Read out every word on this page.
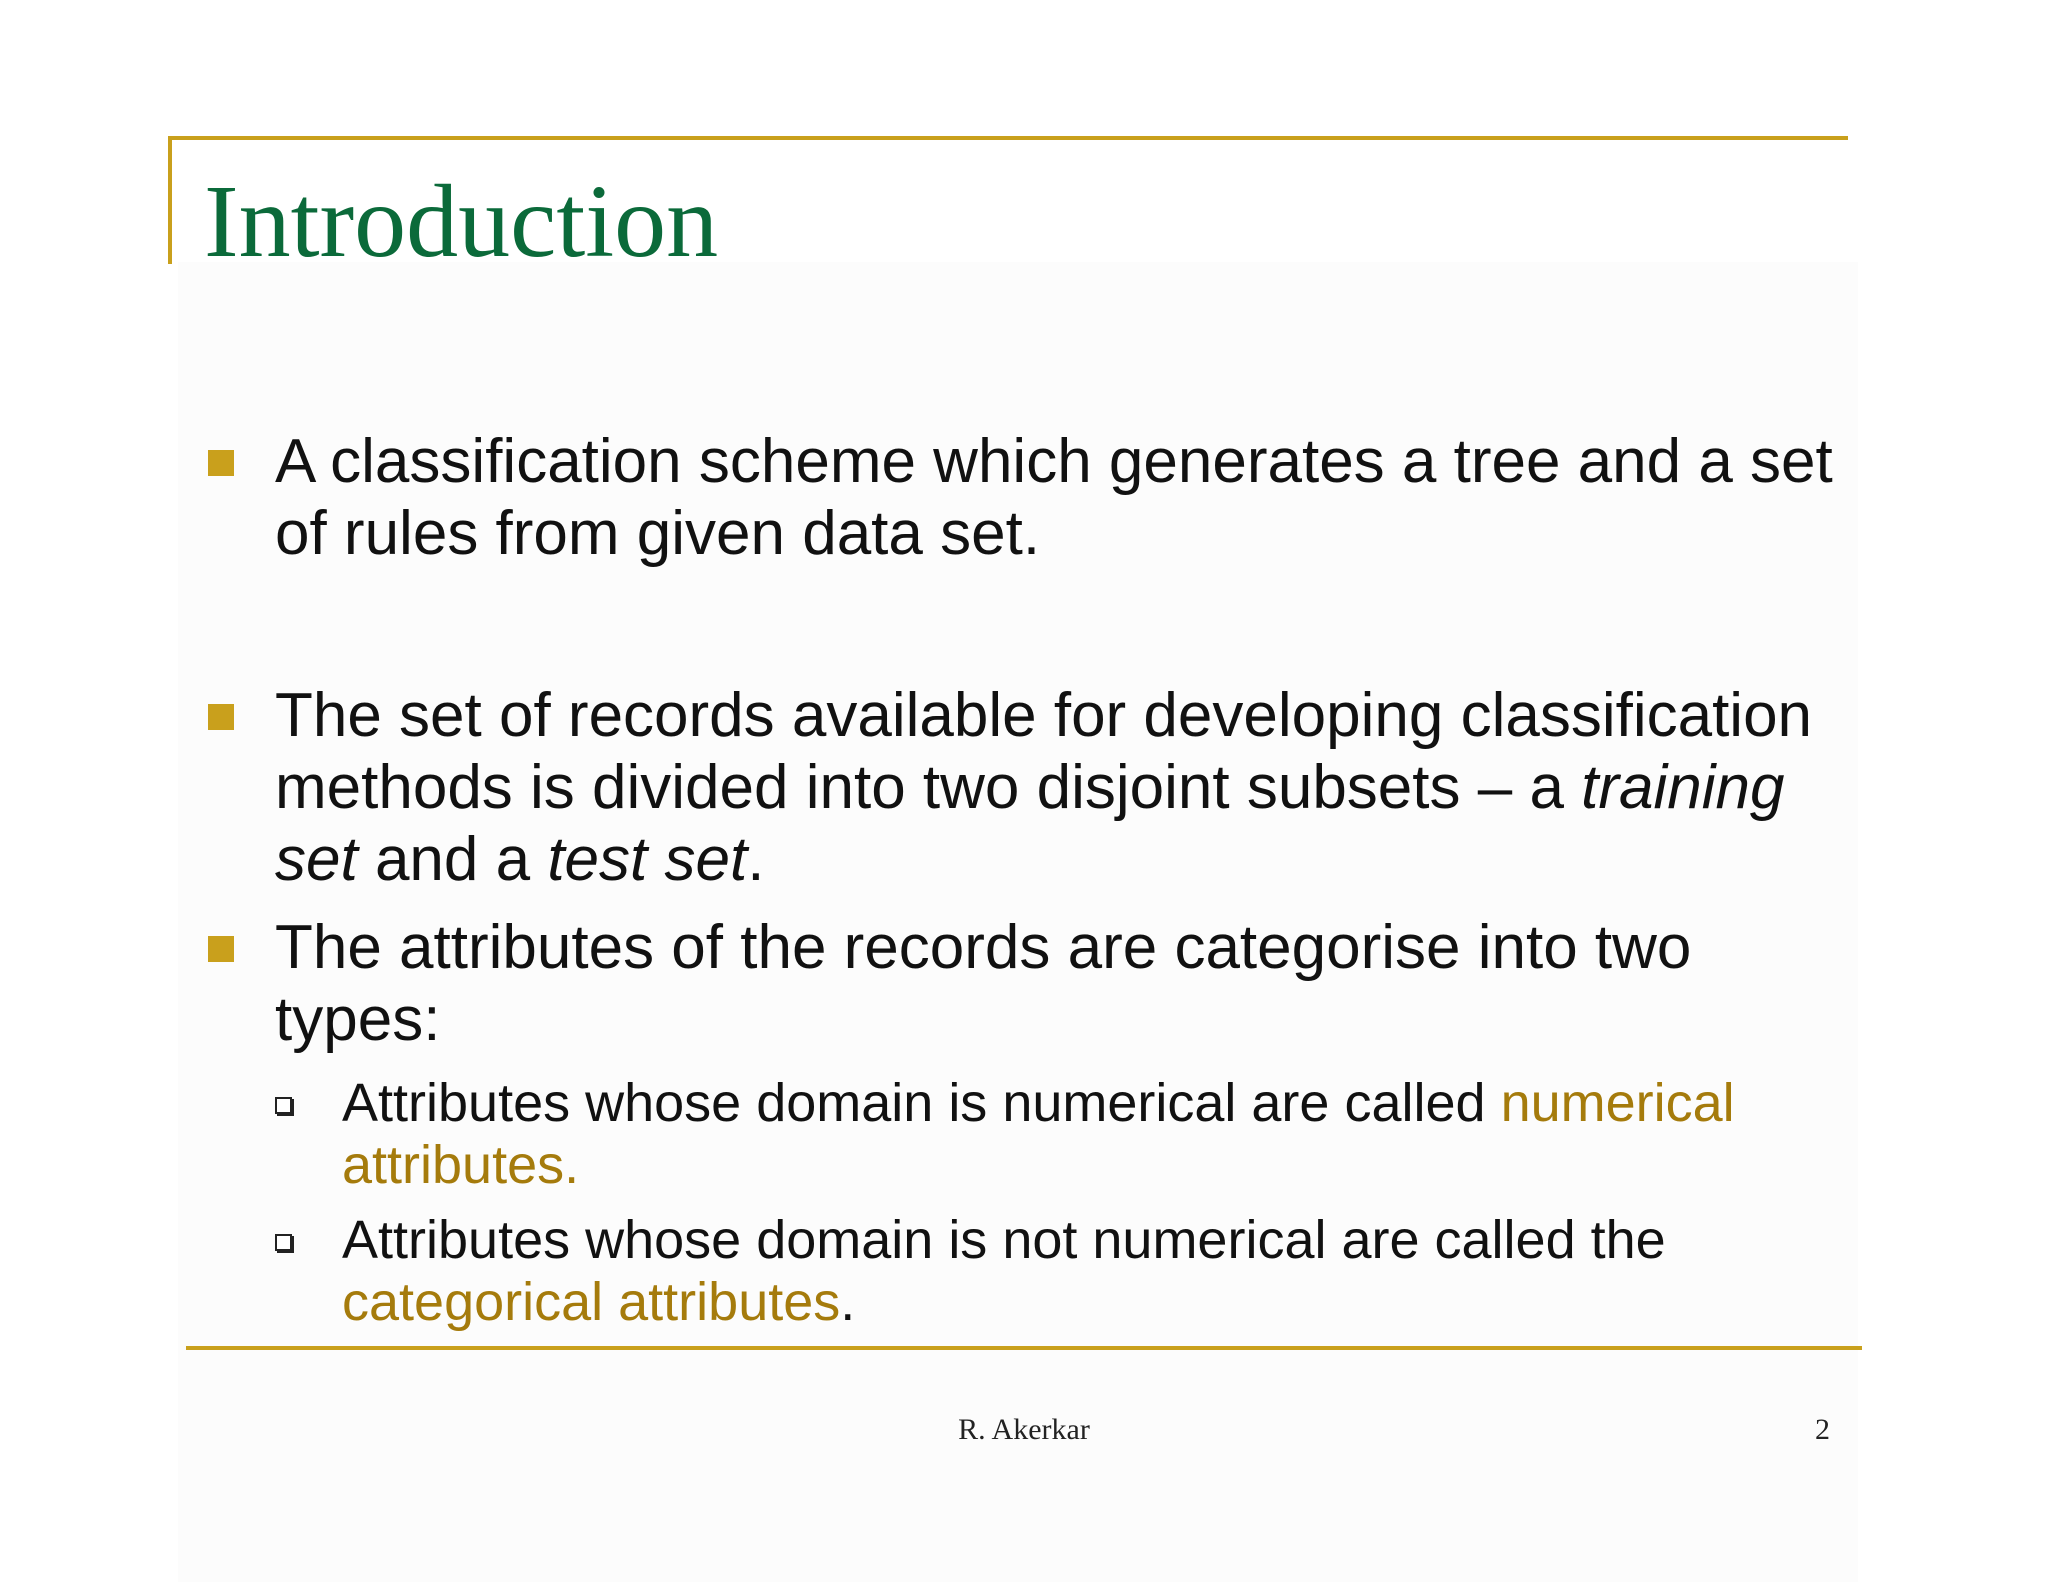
Introduction
A classification scheme which generates a tree and a set of rules from given data set.
The set of records available for developing classification methods is divided into two disjoint subsets – a training set and a test set.
The attributes of the records are categorise into two types:
Attributes whose domain is numerical are called numerical attributes.
Attributes whose domain is not numerical are called the categorical attributes.
R. Akerkar	2
